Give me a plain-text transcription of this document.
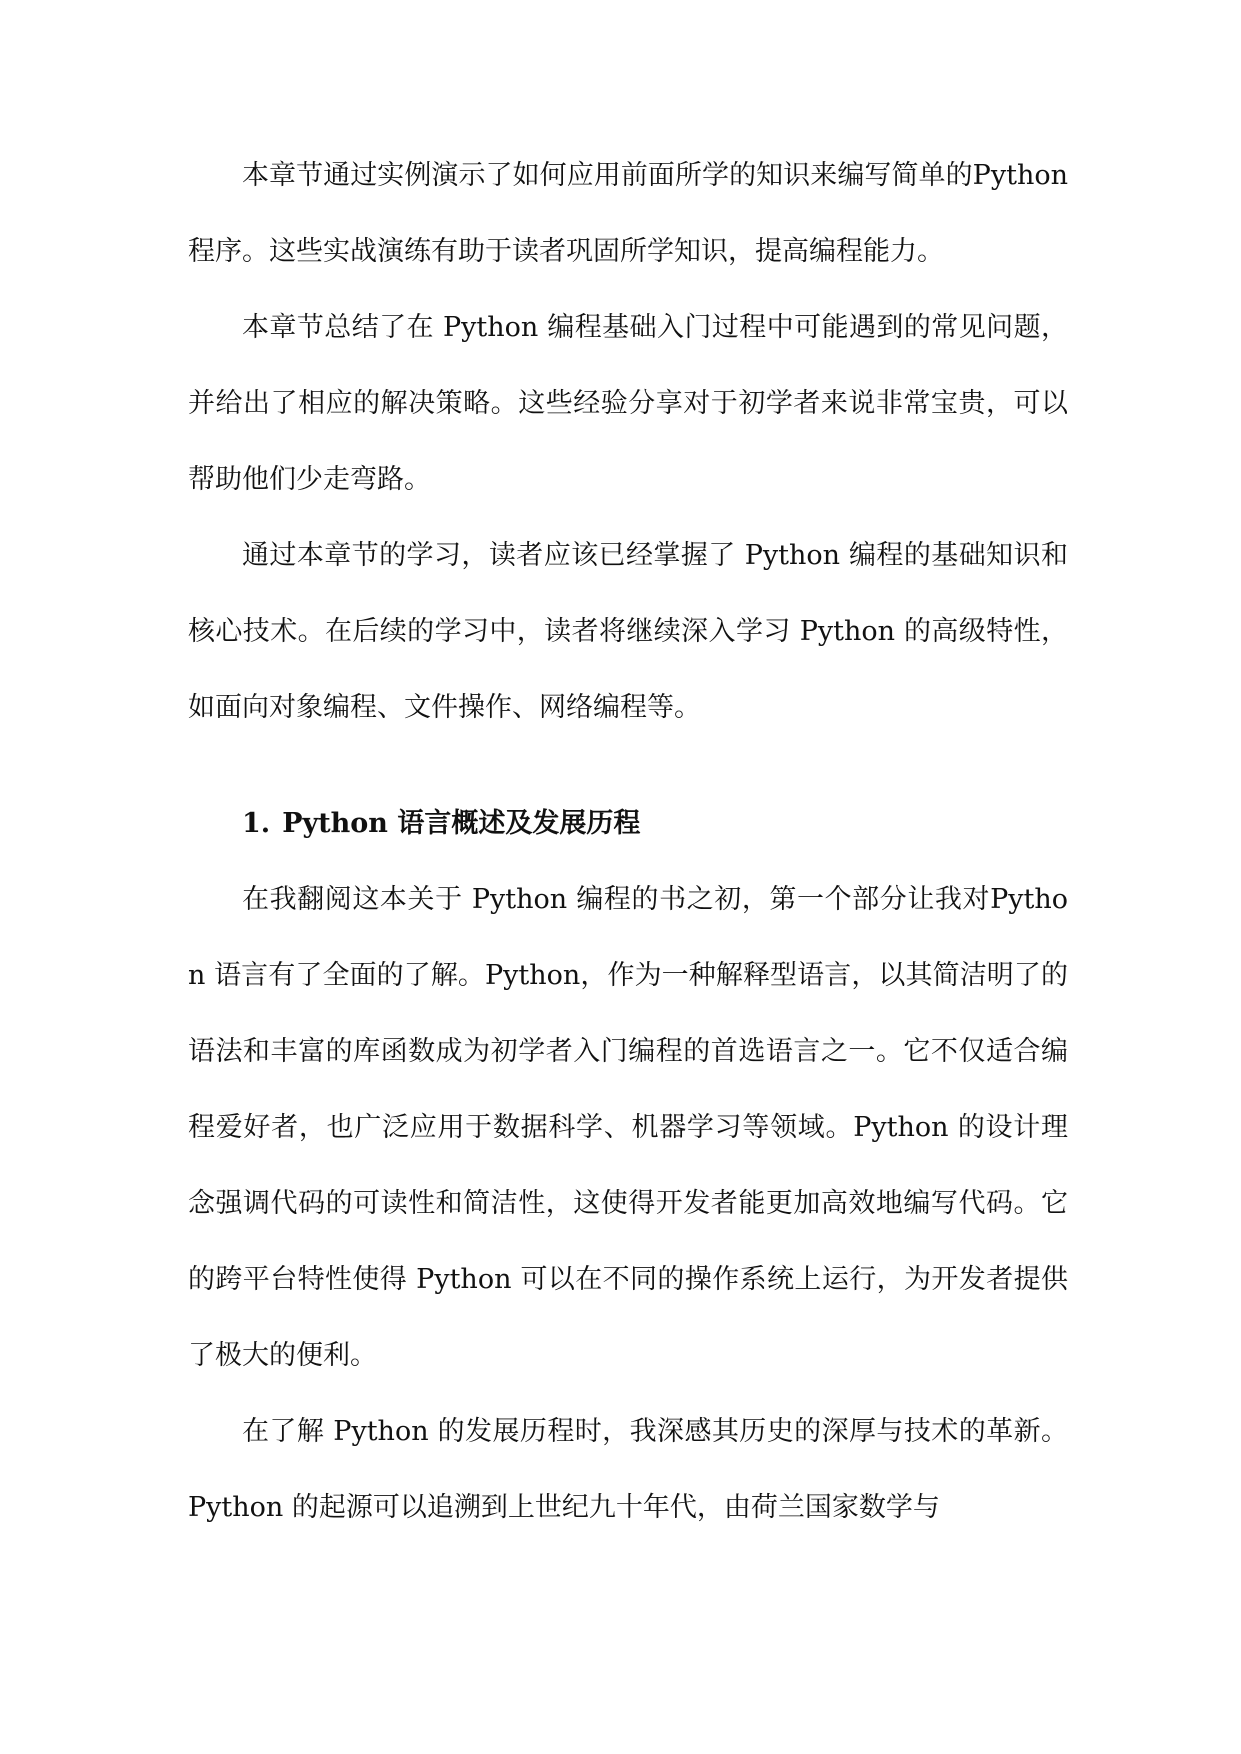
本章节通过实例演示了如何应用前面所学的知识来编写简单的Python 程序。这些实战演练有助于读者巩固所学知识，提高编程能力。

本章节总结了在 Python 编程基础入门过程中可能遇到的常见问题，并给出了相应的解决策略。这些经验分享对于初学者来说非常宝贵，可以帮助他们少走弯路。

通过本章节的学习，读者应该已经掌握了 Python 编程的基础知识和核心技术。在后续的学习中，读者将继续深入学习 Python 的高级特性，如面向对象编程、文件操作、网络编程等。

1. Python 语言概述及发展历程

在我翻阅这本关于 Python 编程的书之初，第一个部分让我对Python 语言有了全面的了解。Python，作为一种解释型语言，以其简洁明了的语法和丰富的库函数成为初学者入门编程的首选语言之一。它不仅适合编程爱好者，也广泛应用于数据科学、机器学习等领域。Python 的设计理念强调代码的可读性和简洁性，这使得开发者能更加高效地编写代码。它的跨平台特性使得 Python 可以在不同的操作系统上运行，为开发者提供了极大的便利。

在了解 Python 的发展历程时，我深感其历史的深厚与技术的革新。Python 的起源可以追溯到上世纪九十年代，由荷兰国家数学与
